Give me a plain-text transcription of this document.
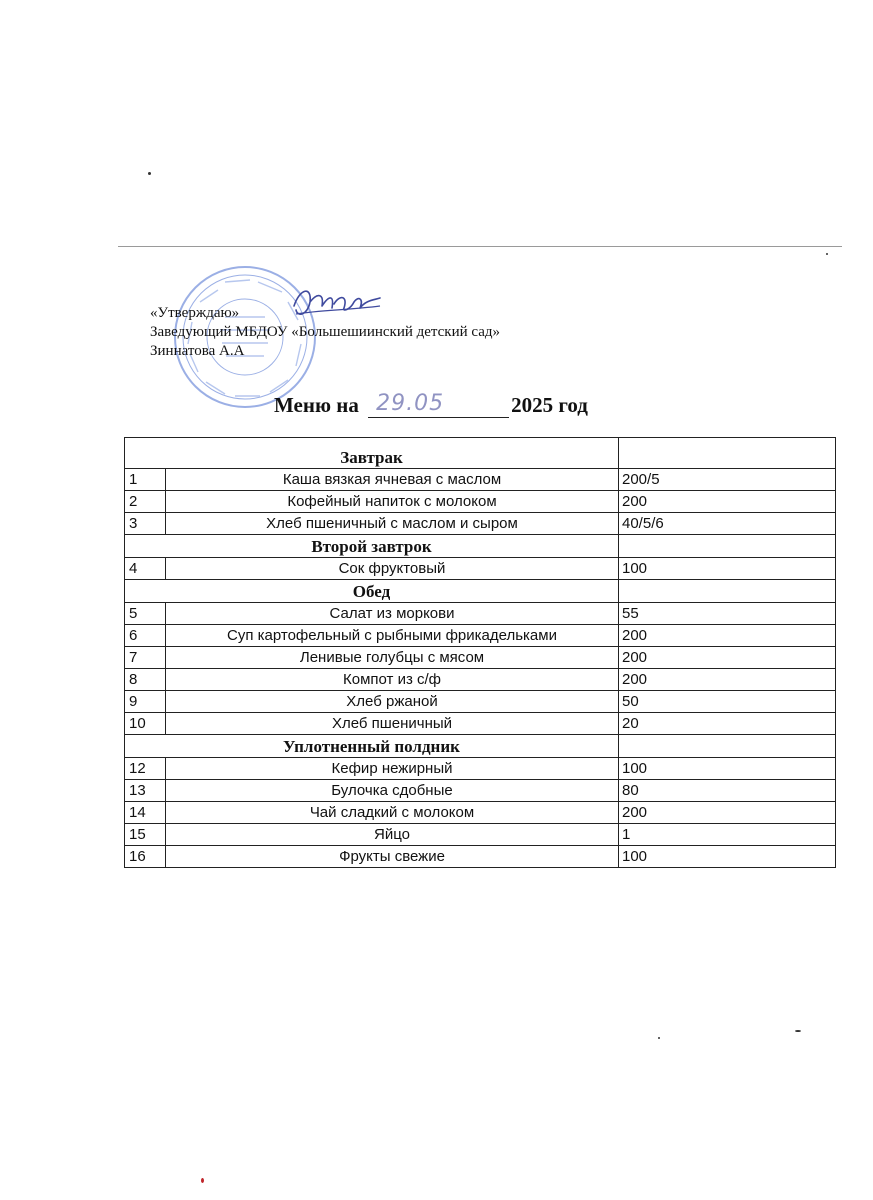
«Утверждаю»
Заведующий МБДОУ «Большешиинский детский сад»
Зиннатова А.А
Меню на 29.05	2025 год
Завтрак		
1	Каша вязкая ячневая с маслом	200/5
2	Кофейный напиток с молоком	200
3	Хлеб пшеничный с маслом и сыром	40/5/6
Второй завтрок		
4	Сок фруктовый	100
Обед		
5	Салат из моркови	55
6	Суп картофельный с рыбными фрикадельками	200
7	Ленивые голубцы с мясом	200
8	Компот из с/ф	200
9	Хлеб ржаной	50
10	Хлеб пшеничный	20
Уплотненный полдник		
12	Кефир нежирный	100
13	Булочка сдобные	80
14	Чай сладкий с молоком	200
15	Яйцо	1
16	Фрукты свежие	100
